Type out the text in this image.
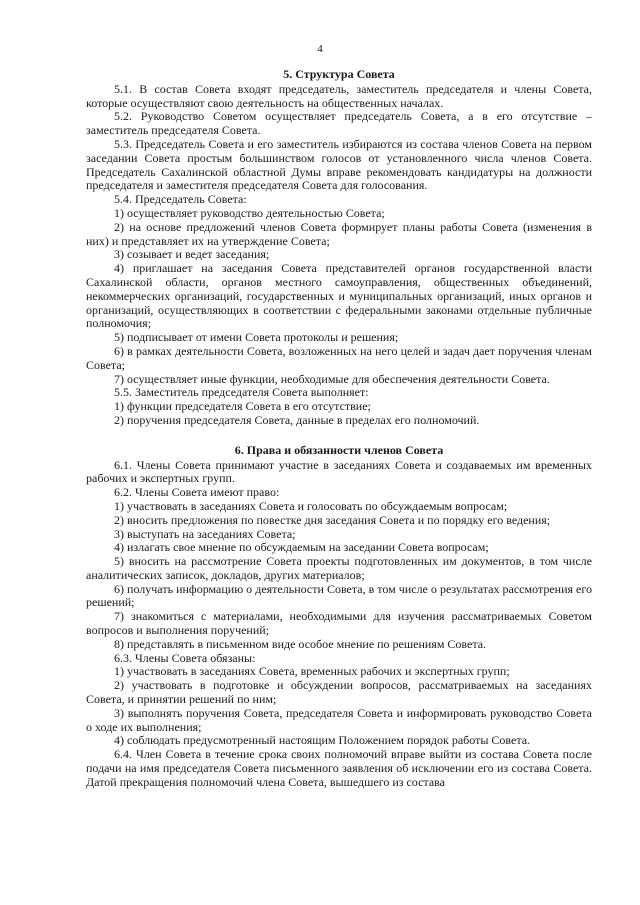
4
5. Структура Совета

5.1. В состав Совета входят председатель, заместитель председателя и члены Совета, которые осуществляют свою деятельность на общественных началах.

5.2. Руководство Советом осуществляет председатель Совета, а в его отсутствие – заместитель председателя Совета.

5.3. Председатель Совета и его заместитель избираются из состава членов Совета на первом заседании Совета простым большинством голосов от установленного числа членов Совета. Председатель Сахалинской областной Думы вправе рекомендовать кандидатуры на должности председателя и заместителя председателя Совета для голосования.

5.4. Председатель Совета:

1) осуществляет руководство деятельностью Совета;

2) на основе предложений членов Совета формирует планы работы Совета (изменения в них) и представляет их на утверждение Совета;

3) созывает и ведет заседания;

4) приглашает на заседания Совета представителей органов государственной власти Сахалинской области, органов местного самоуправления, общественных объединений, некоммерческих организаций, государственных и муниципальных организаций, иных органов и организаций, осуществляющих в соответствии с федеральными законами отдельные публичные полномочия;

5) подписывает от имени Совета протоколы и решения;

6) в рамках деятельности Совета, возложенных на него целей и задач дает поручения членам Совета;

7) осуществляет иные функции, необходимые для обеспечения деятельности Совета.

5.5. Заместитель председателя Совета выполняет:

1) функции председателя Совета в его отсутствие;

2) поручения председателя Совета, данные в пределах его полномочий.

6. Права и обязанности членов Совета

6.1. Члены Совета принимают участие в заседаниях Совета и создаваемых им временных рабочих и экспертных групп.

6.2. Члены Совета имеют право:

1) участвовать в заседаниях Совета и голосовать по обсуждаемым вопросам;

2) вносить предложения по повестке дня заседания Совета и по порядку его ведения;

3) выступать на заседаниях Совета;

4) излагать свое мнение по обсуждаемым на заседании Совета вопросам;

5) вносить на рассмотрение Совета проекты подготовленных им документов, в том числе аналитических записок, докладов, других материалов;

6) получать информацию о деятельности Совета, в том числе о результатах рассмотрения его решений;

7) знакомиться с материалами, необходимыми для изучения рассматриваемых Советом вопросов и выполнения поручений;

8) представлять в письменном виде особое мнение по решениям Совета.

6.3. Члены Совета обязаны:

1) участвовать в заседаниях Совета, временных рабочих и экспертных групп;

2) участвовать в подготовке и обсуждении вопросов, рассматриваемых на заседаниях Совета, и принятии решений по ним;

3) выполнять поручения Совета, председателя Совета и информировать руководство Совета о ходе их выполнения;

4) соблюдать предусмотренный настоящим Положением порядок работы Совета.

6.4. Член Совета в течение срока своих полномочий вправе выйти из состава Совета после подачи на имя председателя Совета письменного заявления об исключении его из состава Совета. Датой прекращения полномочий члена Совета, вышедшего из состава
